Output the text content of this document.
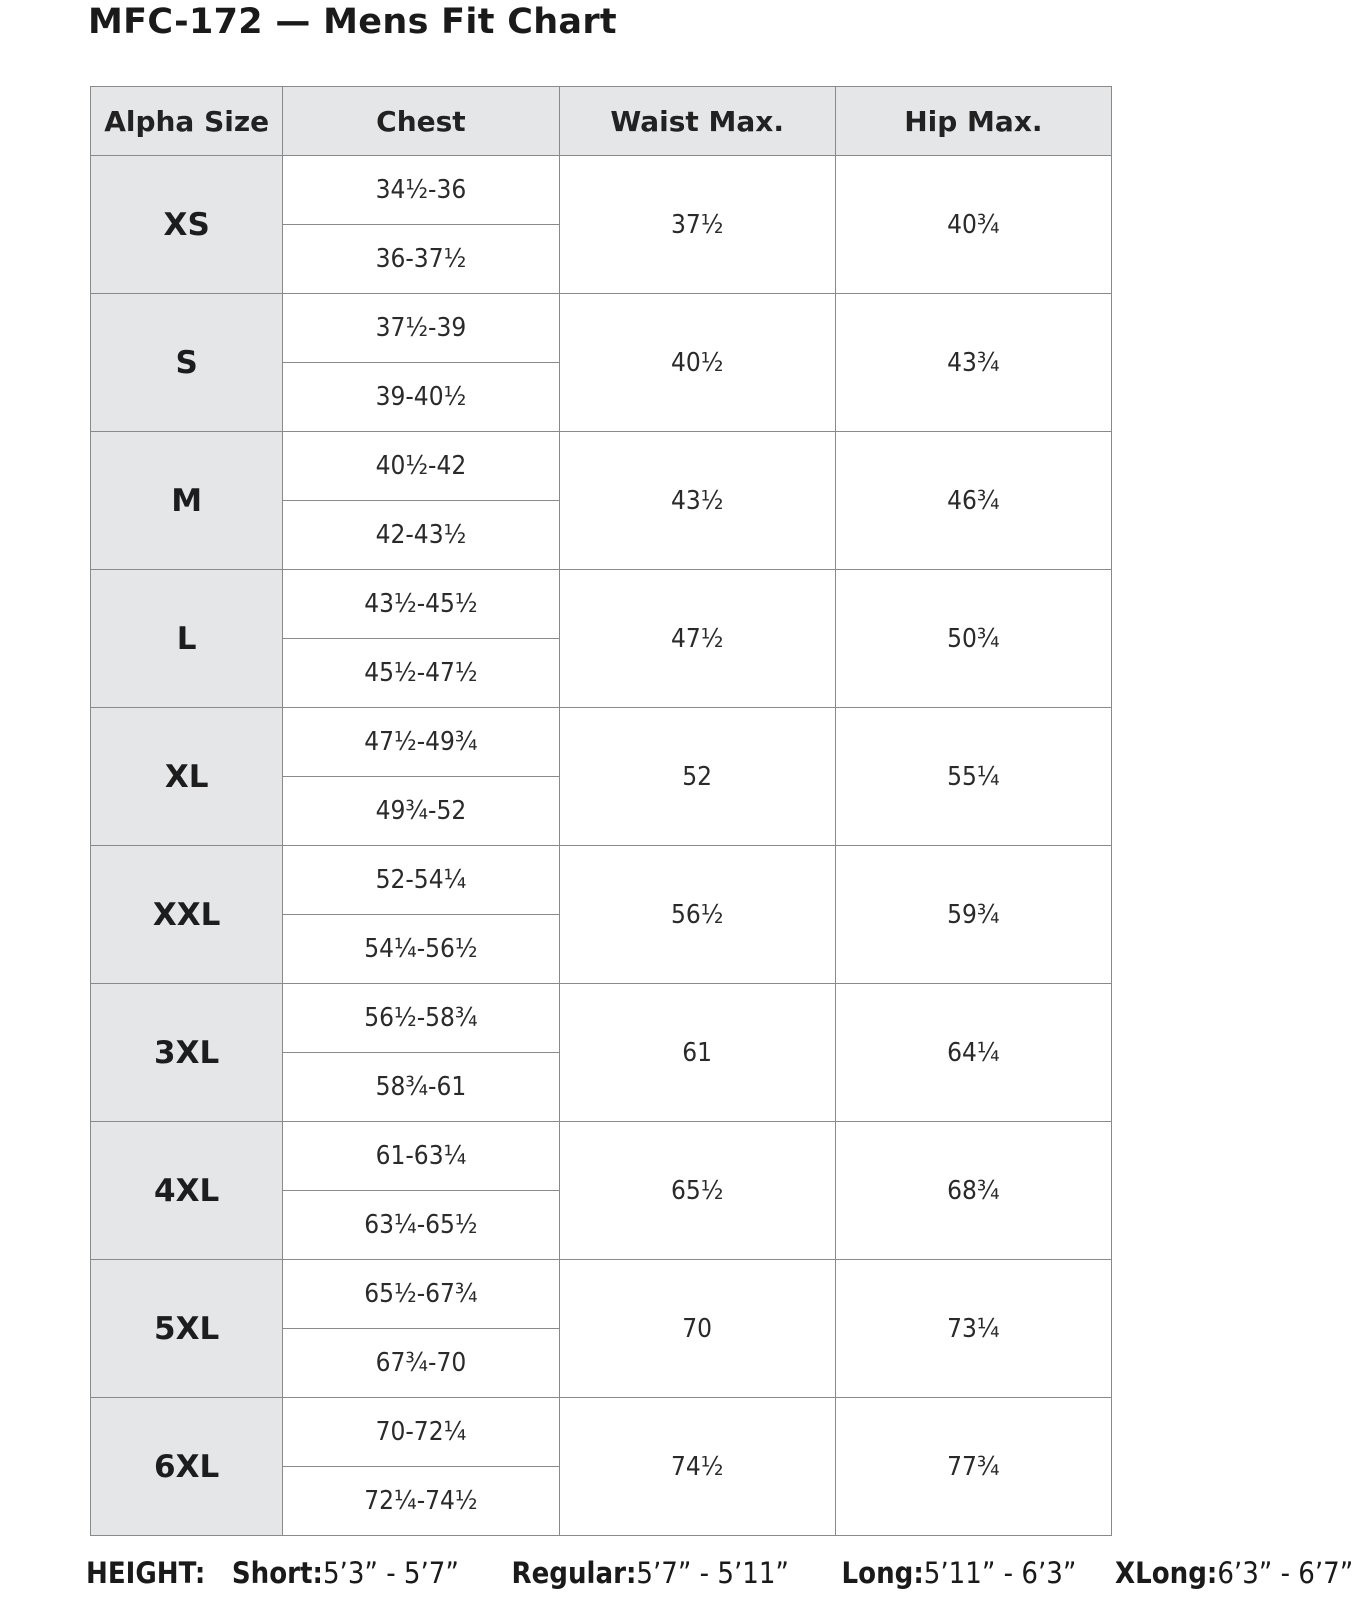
MFC-172 — Mens Fit Chart
Alpha Size	Chest	Waist Max.	Hip Max.
XS	34½-36	37½	40¾
	36-37½		
S	37½-39	40½	43¾
	39-40½		
M	40½-42	43½	46¾
	42-43½		
L	43½-45½	47½	50¾
	45½-47½		
XL	47½-49¾	52	55¼
	49¾-52		
XXL	52-54¼	56½	59¾
	54¼-56½		
3XL	56½-58¾	61	64¼
	58¾-61		
4XL	61-63¼	65½	68¾
	63¼-65½		
5XL	65½-67¾	70	73¼
	67¾-70		
6XL	70-72¼	74½	77¾
	72¼-74½		
HEIGHT: Short:5’3” - 5’7” Regular:5’7” - 5’11” Long:5’11” - 6’3” XLong:6’3” - 6’7”
